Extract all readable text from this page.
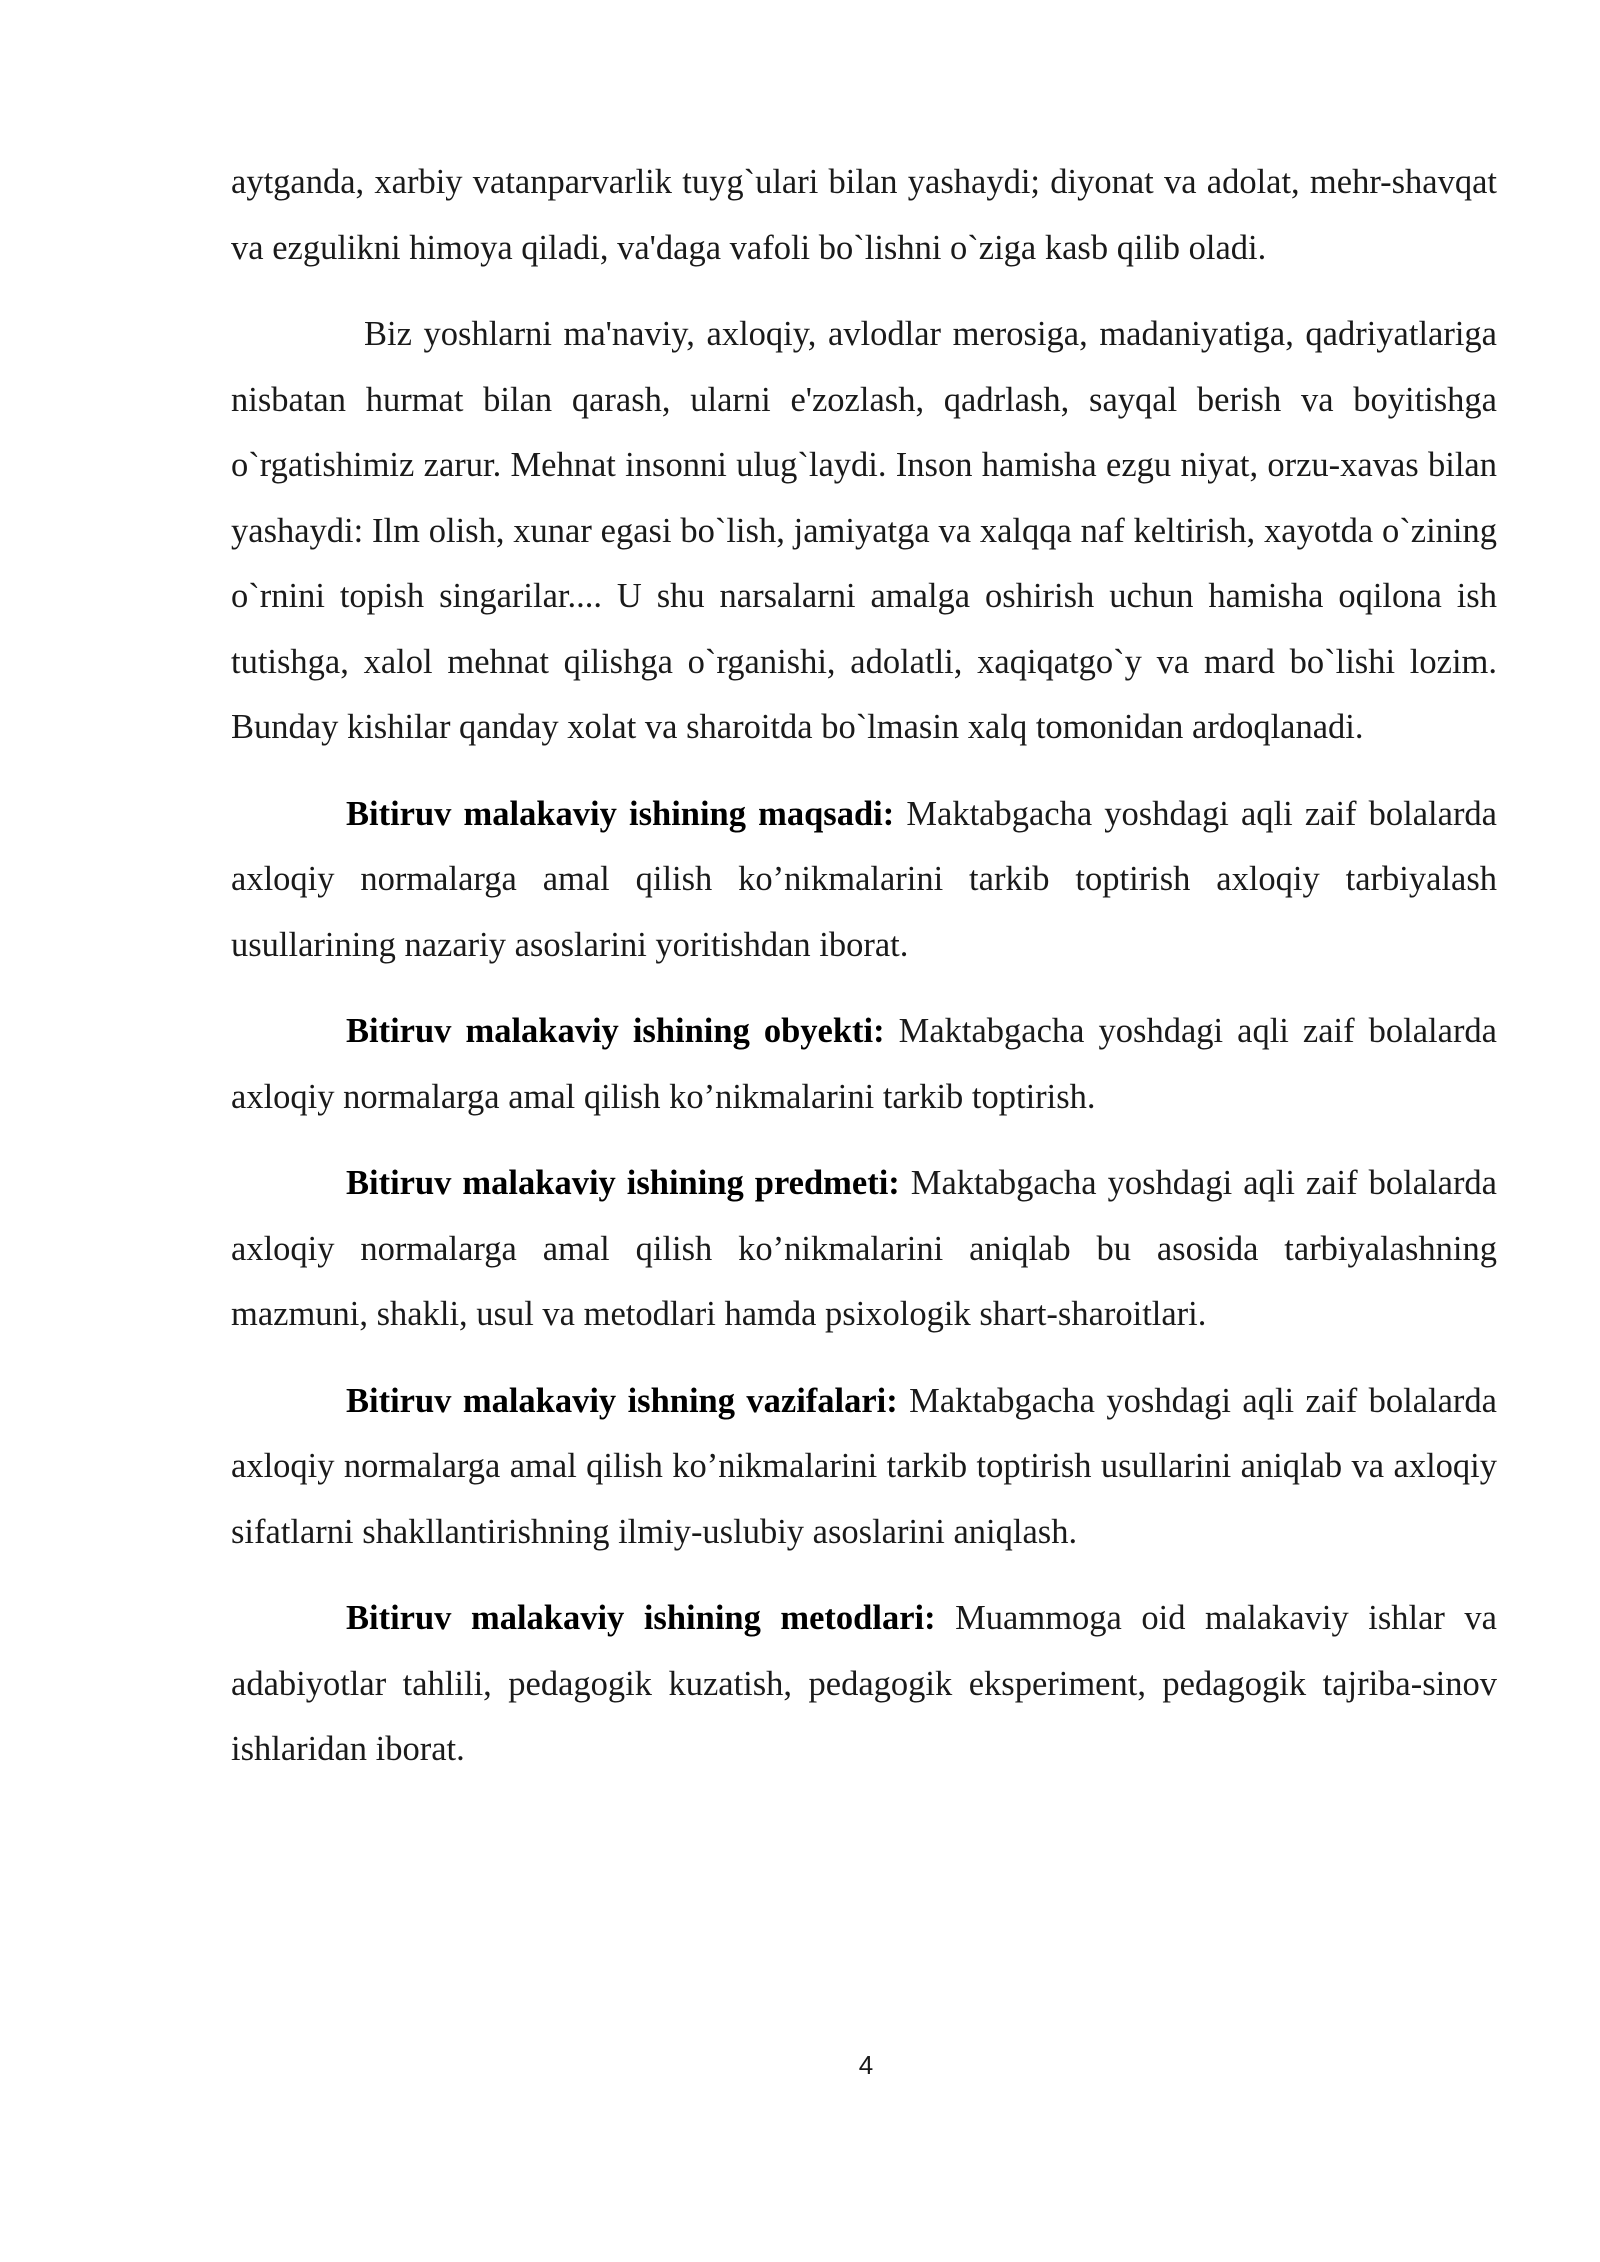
aytganda, xarbiy vatanparvarlik tuyg`ulari bilan yashaydi; diyonat va adolat, mehr-shavqat va ezgulikni himoya qiladi, va'daga vafoli bo`lishni o`ziga kasb qilib oladi.

Biz yoshlarni ma'naviy, axloqiy, avlodlar merosiga, madaniyatiga, qadriyatlariga nisbatan hurmat bilan qarash, ularni e'zozlash, qadrlash, sayqal berish va boyitishga o`rgatishimiz zarur. Mehnat insonni ulug`laydi. Inson hamisha ezgu niyat, orzu-xavas bilan yashaydi: Ilm olish, xunar egasi bo`lish, jamiyatga va xalqqa naf keltirish, xayotda o`zining o`rnini topish singarilar.... U shu narsalarni amalga oshirish uchun hamisha oqilona ish tutishga, xalol mehnat qilishga o`rganishi, adolatli, xaqiqatgo`y va mard bo`lishi lozim. Bunday kishilar qanday xolat va sharoitda bo`lmasin xalq tomonidan ardoqlanadi.

Bitiruv malakaviy ishining maqsadi: Maktabgacha yoshdagi aqli zaif bolalarda axloqiy normalarga amal qilish ko’nikmalarini tarkib toptirish axloqiy tarbiyalash usullarining nazariy asoslarini yoritishdan iborat.

Bitiruv malakaviy ishining obyekti: Maktabgacha yoshdagi aqli zaif bolalarda axloqiy normalarga amal qilish ko’nikmalarini tarkib toptirish.

Bitiruv malakaviy ishining predmeti: Maktabgacha yoshdagi aqli zaif bolalarda axloqiy normalarga amal qilish ko’nikmalarini aniqlab bu asosida tarbiyalashning mazmuni, shakli, usul va metodlari hamda psixologik shart-sharoitlari.

Bitiruv malakaviy ishning vazifalari: Maktabgacha yoshdagi aqli zaif bolalarda axloqiy normalarga amal qilish ko’nikmalarini tarkib toptirish usullarini aniqlab va axloqiy sifatlarni shakllantirishning ilmiy-uslubiy asoslarini aniqlash.

Bitiruv malakaviy ishining metodlari: Muammoga oid malakaviy ishlar va adabiyotlar tahlili, pedagogik kuzatish, pedagogik eksperiment, pedagogik tajriba-sinov ishlaridan iborat.

4
